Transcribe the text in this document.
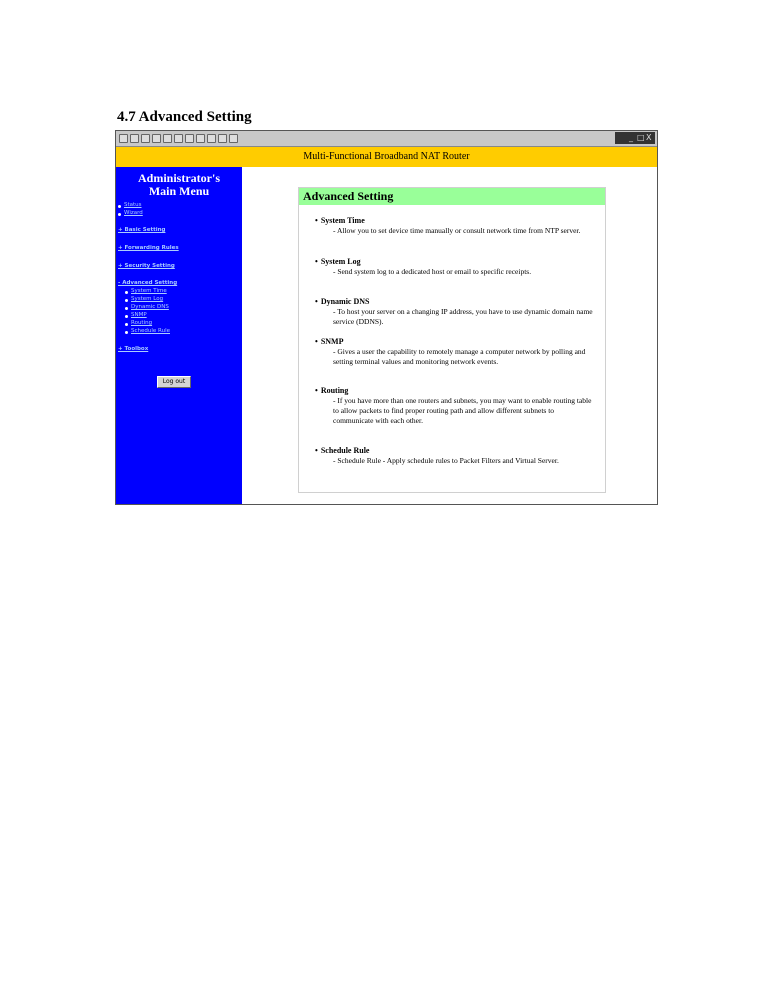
4.7 Advanced Setting
_ □ X
Multi-Functional Broadband NAT Router
Administrator's
Main Menu
Status
Wizard
+ Basic Setting
+ Forwarding Rules
+ Security Setting
- Advanced Setting
System Time
System Log
Dynamic DNS
SNMP
Routing
Schedule Rule
+ Toolbox
Log out
Advanced Setting
• System Time
- Allow you to set device time manually or consult network time from NTP server.
• System Log
- Send system log to a dedicated host or email to specific receipts.
• Dynamic DNS
- To host your server on a changing IP address, you have to use dynamic domain name service (DDNS).
• SNMP
- Gives a user the capability to remotely manage a computer network by polling and setting terminal values and monitoring network events.
• Routing
- If you have more than one routers and subnets, you may want to enable routing table to allow packets to find proper routing path and allow different subnets to communicate with each other.
• Schedule Rule
- Schedule Rule - Apply schedule rules to Packet Filters and Virtual Server.
